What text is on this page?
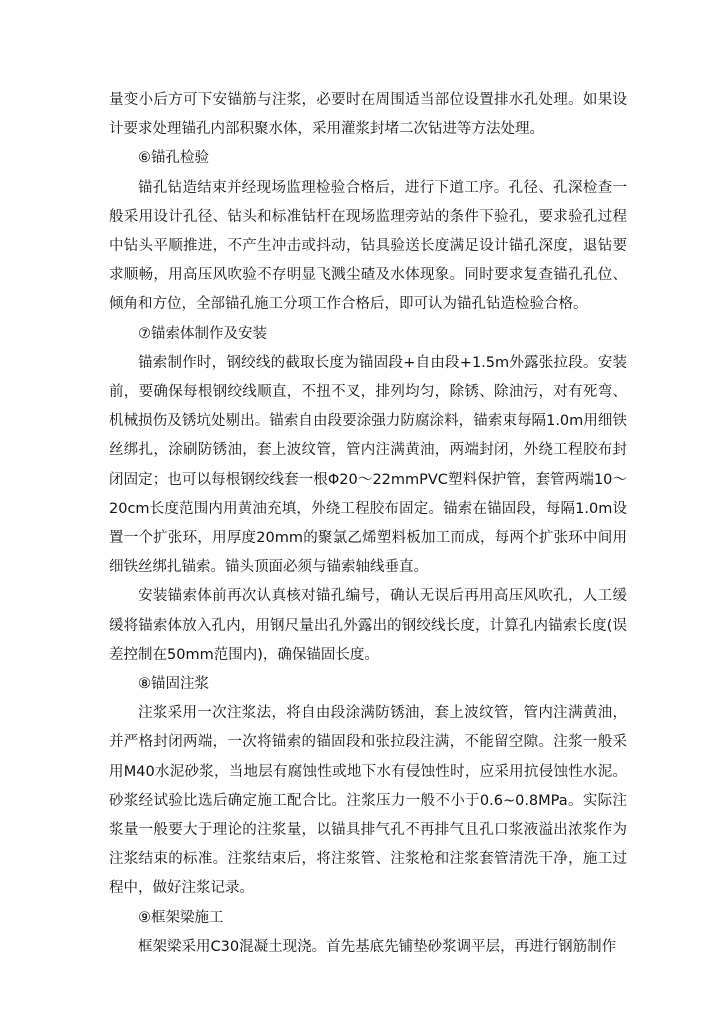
量变小后方可下安锚筋与注浆，必要时在周围适当部位设置排水孔处理。如果设计要求处理锚孔内部积聚水体，采用灌浆封堵二次钻进等方法处理。

⑥锚孔检验

锚孔钻造结束并经现场监理检验合格后，进行下道工序。孔径、孔深检查一般采用设计孔径、钻头和标准钻杆在现场监理旁站的条件下验孔，要求验孔过程中钻头平顺推进，不产生冲击或抖动，钻具验送长度满足设计锚孔深度，退钻要求顺畅，用高压风吹验不存明显飞溅尘碴及水体现象。同时要求复查锚孔孔位、倾角和方位，全部锚孔施工分项工作合格后，即可认为锚孔钻造检验合格。

⑦锚索体制作及安装

锚索制作时，钢绞线的截取长度为锚固段+自由段+1.5m外露张拉段。安装前，要确保每根钢绞线顺直，不扭不叉，排列均匀，除锈、除油污，对有死弯、机械损伤及锈坑处剔出。锚索自由段要涂强力防腐涂料，锚索束每隔1.0m用细铁丝绑扎，涂刷防锈油，套上波纹管，管内注满黄油，两端封闭，外绕工程胶布封闭固定；也可以每根钢绞线套一根Φ20～22mmPVC塑料保护管，套管两端10～20cm长度范围内用黄油充填，外绕工程胶布固定。锚索在锚固段，每隔1.0m设置一个扩张环，用厚度20mm的聚氯乙烯塑料板加工而成，每两个扩张环中间用细铁丝绑扎锚索。锚头顶面必须与锚索轴线垂直。

安装锚索体前再次认真核对锚孔编号，确认无误后再用高压风吹孔，人工缓缓将锚索体放入孔内，用钢尺量出孔外露出的钢绞线长度，计算孔内锚索长度(误差控制在50mm范围内)，确保锚固长度。

⑧锚固注浆

注浆采用一次注浆法，将自由段涂满防锈油，套上波纹管，管内注满黄油，并严格封闭两端，一次将锚索的锚固段和张拉段注满，不能留空隙。注浆一般采用M40水泥砂浆，当地层有腐蚀性或地下水有侵蚀性时，应采用抗侵蚀性水泥。砂浆经试验比选后确定施工配合比。注浆压力一般不小于0.6~0.8MPa。实际注浆量一般要大于理论的注浆量，以锚具排气孔不再排气且孔口浆液溢出浓浆作为注浆结束的标准。注浆结束后，将注浆管、注浆枪和注浆套管清洗干净，施工过程中，做好注浆记录。

⑨框架梁施工

框架梁采用C30混凝土现浇。首先基底先铺垫砂浆调平层，再进行钢筋制作
